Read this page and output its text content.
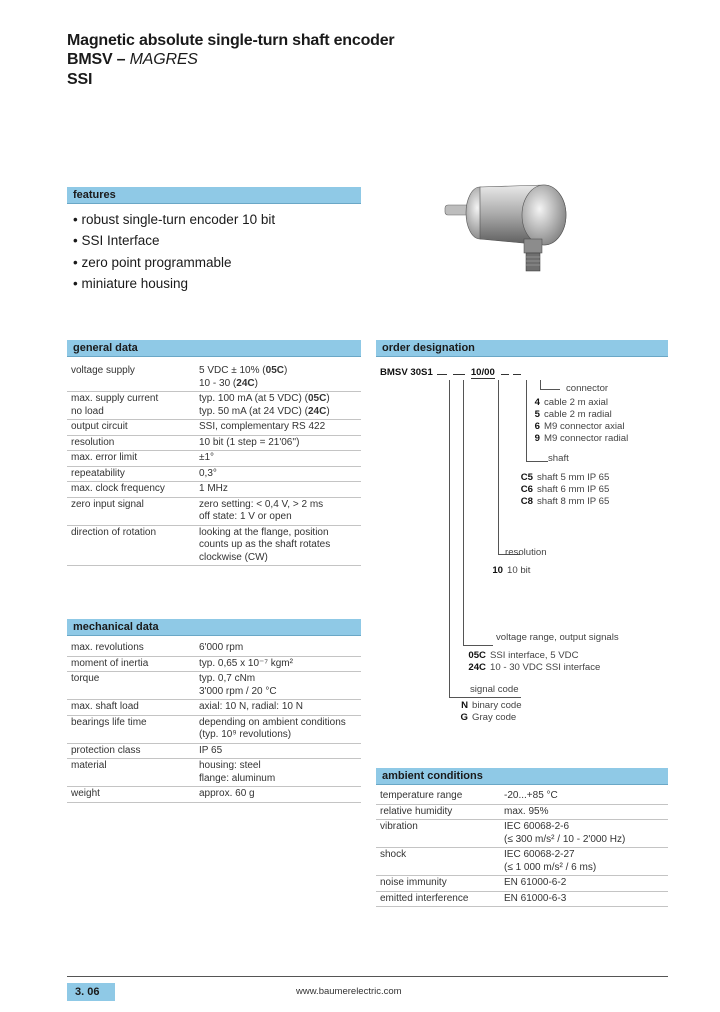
Magnetic absolute single-turn shaft encoder
BMSV – MAGRES
SSI
features
• robust single-turn encoder 10 bit
• SSI Interface
• zero point programmable
• miniature housing
general data
voltage supply	5 VDC ± 10% (05C)
10 - 30 (24C)
max. supply current
no load	typ. 100 mA (at 5 VDC) (05C)
typ. 50 mA (at 24 VDC) (24C)
output circuit	SSI, complementary RS 422
resolution	10 bit (1 step = 21'06'')
max. error limit	±1°
repeatability	0,3°
max. clock frequency	1 MHz
zero input signal	zero setting: < 0,4 V, > 2 ms
off state: 1 V or open
direction of rotation	looking at the flange, position
counts up as the shaft rotates
clockwise (CW)
mechanical data
max. revolutions	6'000 rpm
moment of inertia	typ. 0,65 x 10⁻⁷ kgm²
torque	typ. 0,7 cNm
3'000 rpm / 20 °C
max. shaft load	axial: 10 N, radial: 10 N
bearings life time	depending on ambient conditions
(typ. 10⁹ revolutions)
protection class	IP 65
material	housing: steel
flange: aluminum
weight	approx. 60 g
order designation
BMSV 30S1	10/00
connector
4 cable 2 m axial
5 cable 2 m radial
6 M9 connector axial
9 M9 connector radial
shaft
C5 shaft 5 mm IP 65
C6 shaft 6 mm IP 65
C8 shaft 8 mm IP 65
resolution
10 10 bit
voltage range, output signals
05C SSI interface, 5 VDC
24C 10 - 30 VDC SSI interface
signal code
N binary code
G Gray code
ambient conditions
temperature range	-20...+85 °C
relative humidity	max. 95%
vibration	IEC 60068-2-6
(≤ 300 m/s² / 10 - 2'000 Hz)
shock	IEC 60068-2-27
(≤ 1 000 m/s² / 6 ms)
noise immunity	EN 61000-6-2
emitted interference	EN 61000-6-3
3. 06	www.baumerelectric.com
